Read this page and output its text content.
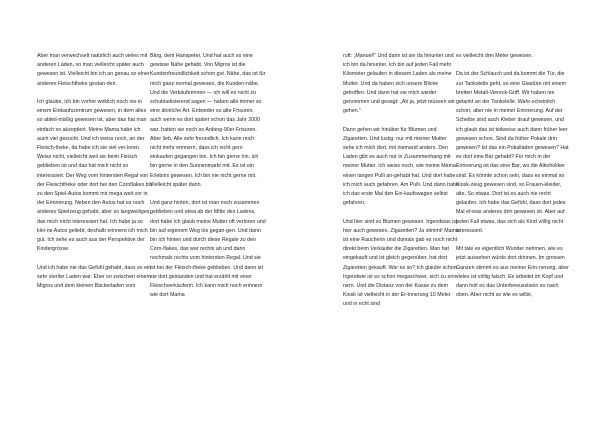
Aber man verwechselt natürlich auch vieles mit anderen Läden, so man vielleicht später auch gewesen ist. Vielleicht bin ich an genau so einer anderen Fleischtheke gestan-den.

Ich glaube, ich bin vorher wirklich noch nie in einem Einkaufszentrum gewesen, in dem alles so abteil-mäßig gewesen ist, aber das hat man einfach so akzeptiert. Meine Mama habe ich auch viel gesucht. Und ich weiss noch, an der Fleisch-theke, da habe ich sie viel ver-loren. Weiss nicht, vielleicht weil sie beim Fleisch geblieben ist und das hat mich nicht so interessiert. Der Weg vom hintersten Regal von der Fleischtheke oder dort bei den Cornflakes bis zu den Spiel-Autos kommt mir mega weit vor in der Erinnerung. Neben den Autos hat es noch anderes Spielzeug gehabt, aber so langweiliges, das mich nicht interessiert hat. Ich habe ja so klei-ne Autos geliebt, deshalb erinnere ich mich gut. Ich sehe es auch aus der Perspektive der Kindergrösse.

Und ich habe nie das Gefühl gehabt, dass es ein sehr steriler Laden war. Eher so zwischen einem Migros und dem kleinen Bäckerladen vom

Bärg, dem Hanspeter. Und hat auch so eine gewisse Nähe gehabt. Von Migros ist die Kundenfreundlichkeit schon gut. Nähe, das ist für mich ganz normal gewesen, die Kunden-nähe. Und die Verkäuferinnen — ich will es nicht zu schubladisierend sagen — haben alle immer so eine ähnliche Art. Entweder so alte Frisuren, auch wenn es dort später schon das Jahr 2000 war, hatten sie noch so Anfang-90er Frisuren. Aber lieb. Alle sehr freundlich. Ich kann mich nicht mehr erinnern, dass ich nicht gern einkaufen gegangen bin. Ich bin gerne hin, ich bin gerne in den Sunnenmarkt mit. Es ist ein Erlebnis gewesen. Ich bin nie nicht gerne mit. Vielleicht später dann.

Und ganz hinten, dort ist man noch zusammen geblieben und etwa ab der Mitte des Ladens, dort habe ich glaub meine Mutter oft verloren und bin auf eigenem Weg los gegan-gen. Und dann bin ich hinten und durch diese Regale zu den Corn-flakes, das war rechts ab und dann nochmals rechts vom hintersten Regal. Und sie ist bei der Fleisch-theke geblieben. Und dann ist sie dort gestanden und hat erzählt mit einer Fleischverkäuferin. Ich kann mich noch erinnern wie dort Mama

ruft: „Manuel!“ Und dann ist sie da hinunter und ich bin da hinunter. Ich bin auf jeden Fall mehr Kilometer gelaufen in diesem Laden als meine Mutter. Und da haben sich unsere Blicke getroffen. Und dann hat sie mich wieder genommen und gesagt: „Ah ja, jetzt müssen wir gehen.“

Dann gehen wir hinüber für Blumen und Zigaretten. Und lustig: nur mit meiner Mutter sehe ich mich dort, mit niemand anders. Den Laden gibt es auch nur in Zusammenhang mit meiner Mutter. Ich weiss noch, wie meine Mama einen langen Pulli an-gehabt hat. Und dort habe ich mich auch gefahren. Am Pulli. Und dann habe ich das erste Mal den Ein-kaufswagen selbst gefahren.

Und hier sind so Blumen gewesen. Irgendwas ist hier auch gewesen. Zigaretten? Ja stimmt! Mama ist eine Raucherin und damals gab es noch nicht direkt beim Verkäufer die Zigaretten. Man hat eingekauft und ist gleich gegenüber, hat dort Zigaretten gekauft. War es so? Ich glaube schon. Irgendwie ist es schon megaschwer, sich zu erin-nern. Und die Distanz von der Kasse zu dem Kiosk ist vielleicht in der Er-innerung 10 Meter und in echt sind

es vielleicht drei Meter gewesen.

Da ist der Schlauch und da kommt die Tür, die zur Tankstelle geht, so eine Glastüre mit einem breiten Metall-Viereck-Griff. Wir haben nie getankt an der Tankstelle. Wahr-scheinlich schon, aber nie in meiner Erinnerung. Auf der Scheibe sind auch Kleber drauf gewesen, und ich glaub das ist teilweise auch dann früher leer gewesen schon. Sind da früher Pokale drin gewesen? Ist das ein Pokalladen gewesen? Hat es dort eine Bar gehabt? Für mich in der Erinnerung ist das eine Bar, wo die Alkoholiker sind. Es könnte schon sein, dass es einmal so Kiosk-zeug gewesen sind, so Frauen-kleider, alte. So etwas. Dort ist es auch nie recht gelaufen. Ich habe das Gefühl, dass dort jedes Mal et-was anderes drin gewesen ist. Aber auf jeden Fall etwas, das sich als Kind völlig nicht interessiert.

Mit täte es eigentlich Wunder nehmen, wie es jetzt aussehen würde dort drinnen. Im grossen Ganzen stimmt es aus meiner Erin-nerung, aber vieles ist völlig falsch. Es arbeitet im Kopf und dann holt es das Unterbewusstsein so nach oben. Aber nicht so wie es willst,
